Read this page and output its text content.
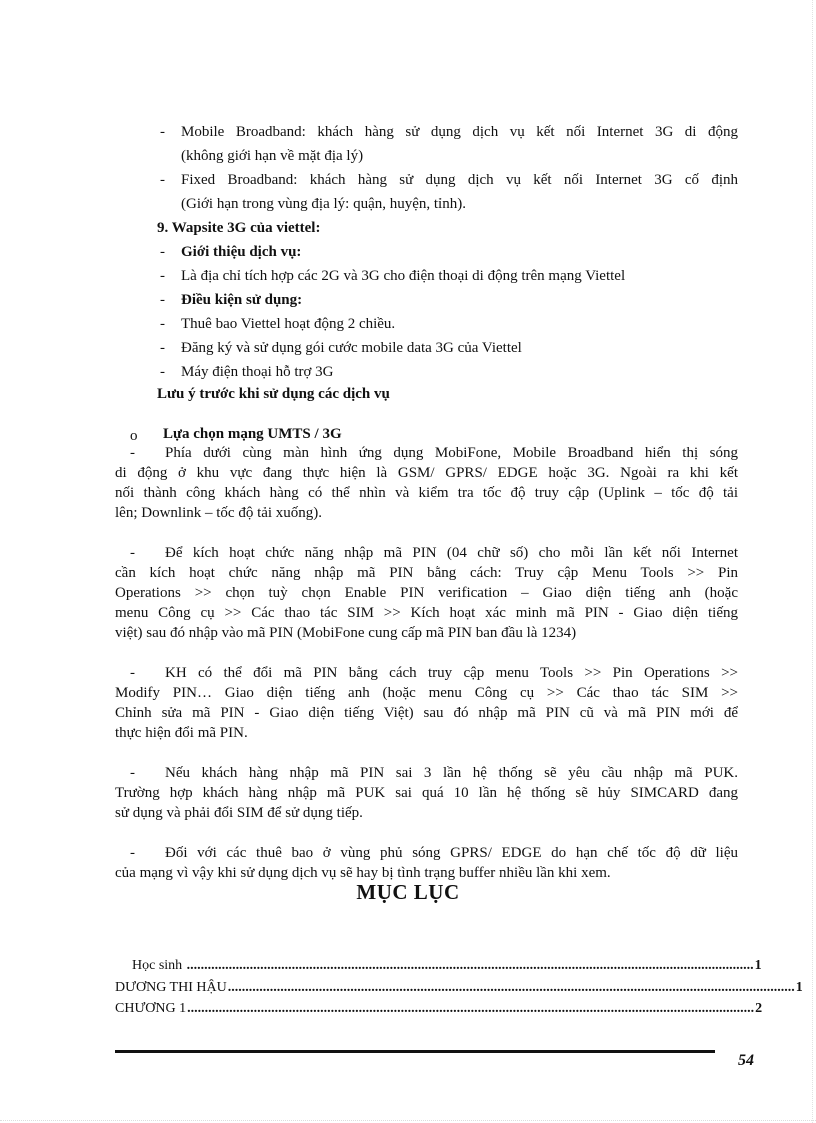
- Mobile Broadband: khách hàng sử dụng dịch vụ kết nối Internet 3G di động
(không giới hạn về mặt địa lý)
- Fixed Broadband: khách hàng sử dụng dịch vụ kết nối Internet 3G cố định
(Giới hạn trong vùng địa lý: quận, huyện, tỉnh).
9. Wapsite 3G của viettel:
- Giới thiệu dịch vụ:
- Là địa chỉ tích hợp các 2G và 3G cho điện thoại di động trên mạng Viettel
- Điều kiện sử dụng:
- Thuê bao Viettel hoạt động 2 chiều.
- Đăng ký và sử dụng gói cước mobile data 3G của Viettel
- Máy điện thoại hỗ trợ 3G
Lưu ý trước khi sử dụng các dịch vụ
o Lựa chọn mạng UMTS / 3G
- Phía dưới cùng màn hình ứng dụng MobiFone, Mobile Broadband hiển thị sóng
di động ở khu vực đang thực hiện là GSM/ GPRS/ EDGE hoặc 3G. Ngoài ra khi kết
nối thành công khách hàng có thể nhìn và kiểm tra tốc độ truy cập (Uplink – tốc độ tải
lên; Downlink – tốc độ tải xuống).
- Để kích hoạt chức năng nhập mã PIN (04 chữ số) cho mỗi lần kết nối Internet
cần kích hoạt chức năng nhập mã PIN bằng cách: Truy cập Menu Tools >> Pin
Operations >> chọn tuỳ chọn Enable PIN verification – Giao diện tiếng anh (hoặc
menu Công cụ >> Các thao tác SIM >> Kích hoạt xác minh mã PIN - Giao diện tiếng
việt) sau đó nhập vào mã PIN (MobiFone cung cấp mã PIN ban đầu là 1234)
- KH có thể đổi mã PIN bằng cách truy cập menu Tools >> Pin Operations >>
Modify PIN… Giao diện tiếng anh (hoặc menu Công cụ >> Các thao tác SIM >>
Chỉnh sửa mã PIN - Giao diện tiếng Việt) sau đó nhập mã PIN cũ và mã PIN mới để
thực hiện đổi mã PIN.
- Nếu khách hàng nhập mã PIN sai 3 lần hệ thống sẽ yêu cầu nhập mã PUK.
Trường hợp khách hàng nhập mã PUK sai quá 10 lần hệ thống sẽ hủy SIMCARD đang
sử dụng và phải đổi SIM để sử dụng tiếp.
- Đối với các thuê bao ở vùng phủ sóng GPRS/ EDGE do hạn chế tốc độ dữ liệu
của mạng vì vậy khi sử dụng dịch vụ sẽ hay bị tình trạng buffer nhiều lần khi xem.
MỤC LỤC
Học sinh .................................................................................................................................................................. 1
DƯƠNG THI HẬU .................................................................................................................................................................. 1
CHƯƠNG 1 .................................................................................................................................................................. 2
54
